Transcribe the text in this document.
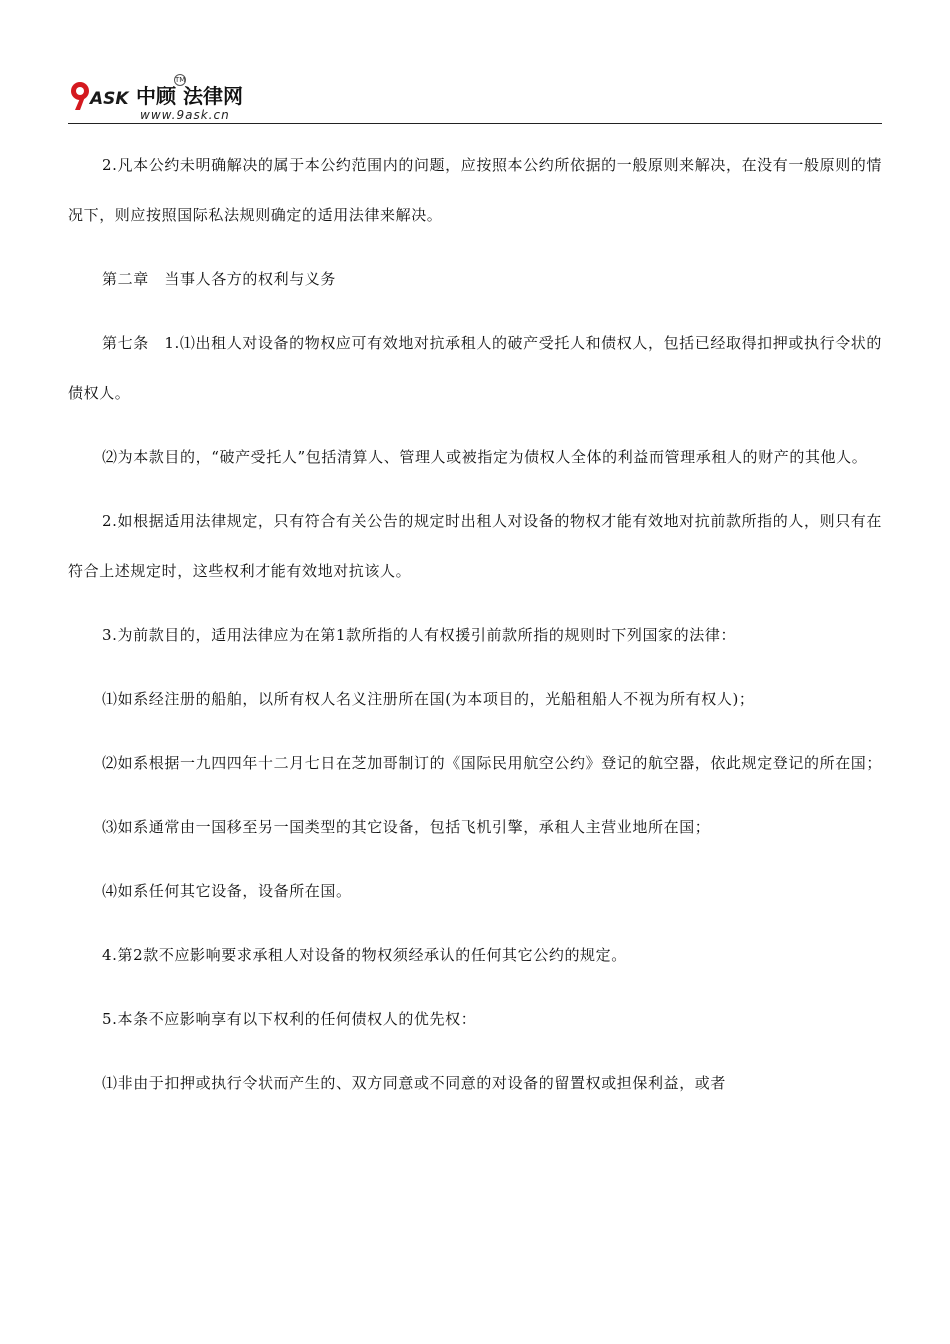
ASK 中顾 法律网
TM
www.9ask.cn

2.凡本公约未明确解决的属于本公约范围内的问题，应按照本公约所依据的一般原则来解决，在没有一般原则的情况下，则应按照国际私法规则确定的适用法律来解决。

第二章　当事人各方的权利与义务

第七条　1.⑴出租人对设备的物权应可有效地对抗承租人的破产受托人和债权人，包括已经取得扣押或执行令状的债权人。

⑵为本款目的，“破产受托人”包括清算人、管理人或被指定为债权人全体的利益而管理承租人的财产的其他人。

2.如根据适用法律规定，只有符合有关公告的规定时出租人对设备的物权才能有效地对抗前款所指的人，则只有在符合上述规定时，这些权利才能有效地对抗该人。

3.为前款目的，适用法律应为在第1款所指的人有权援引前款所指的规则时下列国家的法律：

⑴如系经注册的船舶，以所有权人名义注册所在国(为本项目的，光船租船人不视为所有权人)；

⑵如系根据一九四四年十二月七日在芝加哥制订的《国际民用航空公约》登记的航空器，依此规定登记的所在国；

⑶如系通常由一国移至另一国类型的其它设备，包括飞机引擎，承租人主营业地所在国；

⑷如系任何其它设备，设备所在国。

4.第2款不应影响要求承租人对设备的物权须经承认的任何其它公约的规定。

5.本条不应影响享有以下权利的任何债权人的优先权：

⑴非由于扣押或执行令状而产生的、双方同意或不同意的对设备的留置权或担保利益，或者
